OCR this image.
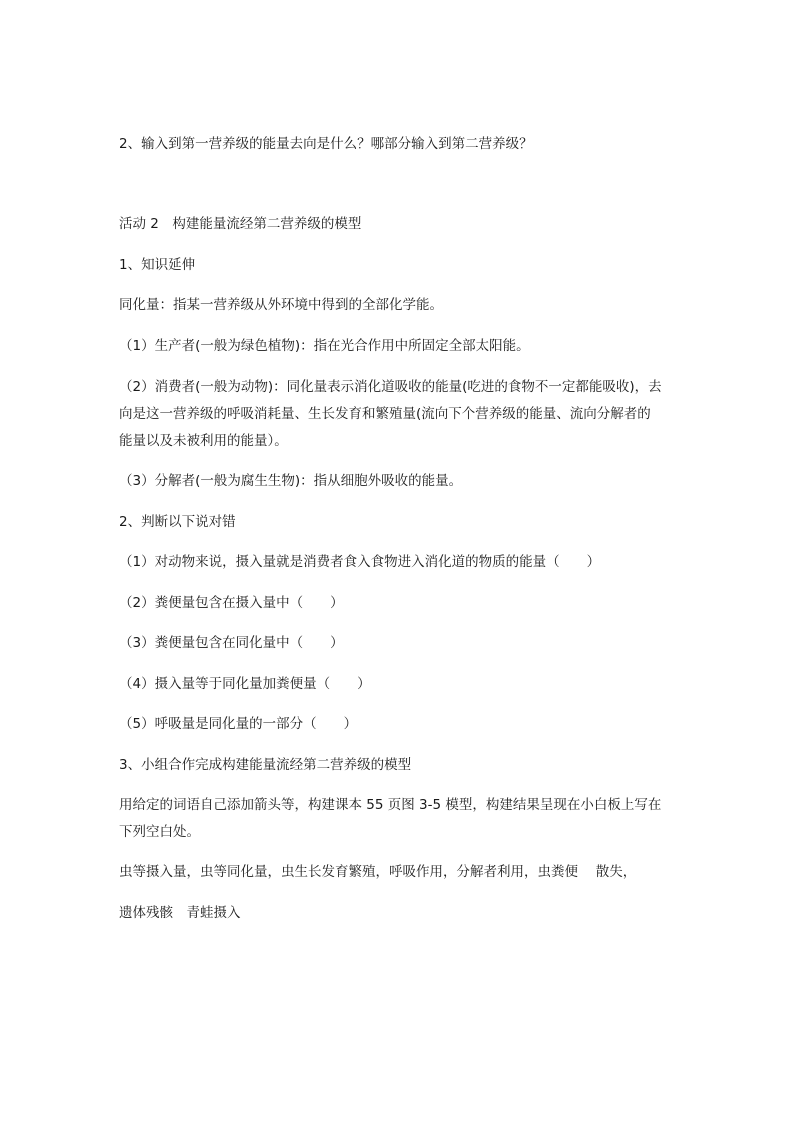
2、输入到第一营养级的能量去向是什么？哪部分输入到第二营养级？
活动 2　构建能量流经第二营养级的模型
1、知识延伸
同化量：指某一营养级从外环境中得到的全部化学能。
（1）生产者(一般为绿色植物)：指在光合作用中所固定全部太阳能。
（2）消费者(一般为动物)：同化量表示消化道吸收的能量(吃进的食物不一定都能吸收)，去
向是这一营养级的呼吸消耗量、生长发育和繁殖量(流向下个营养级的能量、流向分解者的
能量以及未被利用的能量）。
（3）分解者(一般为腐生生物)：指从细胞外吸收的能量。
2、判断以下说对错
（1）对动物来说，摄入量就是消费者食入食物进入消化道的物质的能量（　　）
（2）粪便量包含在摄入量中（　　）
（3）粪便量包含在同化量中（　　）
（4）摄入量等于同化量加粪便量（　　）
（5）呼吸量是同化量的一部分（　　）
3、小组合作完成构建能量流经第二营养级的模型
用给定的词语自己添加箭头等，构建课本 55 页图 3-5 模型，构建结果呈现在小白板上写在
下列空白处。
虫等摄入量，虫等同化量，虫生长发育繁殖，呼吸作用，分解者利用，虫粪便　 散失，
遗体残骸　青蛙摄入
